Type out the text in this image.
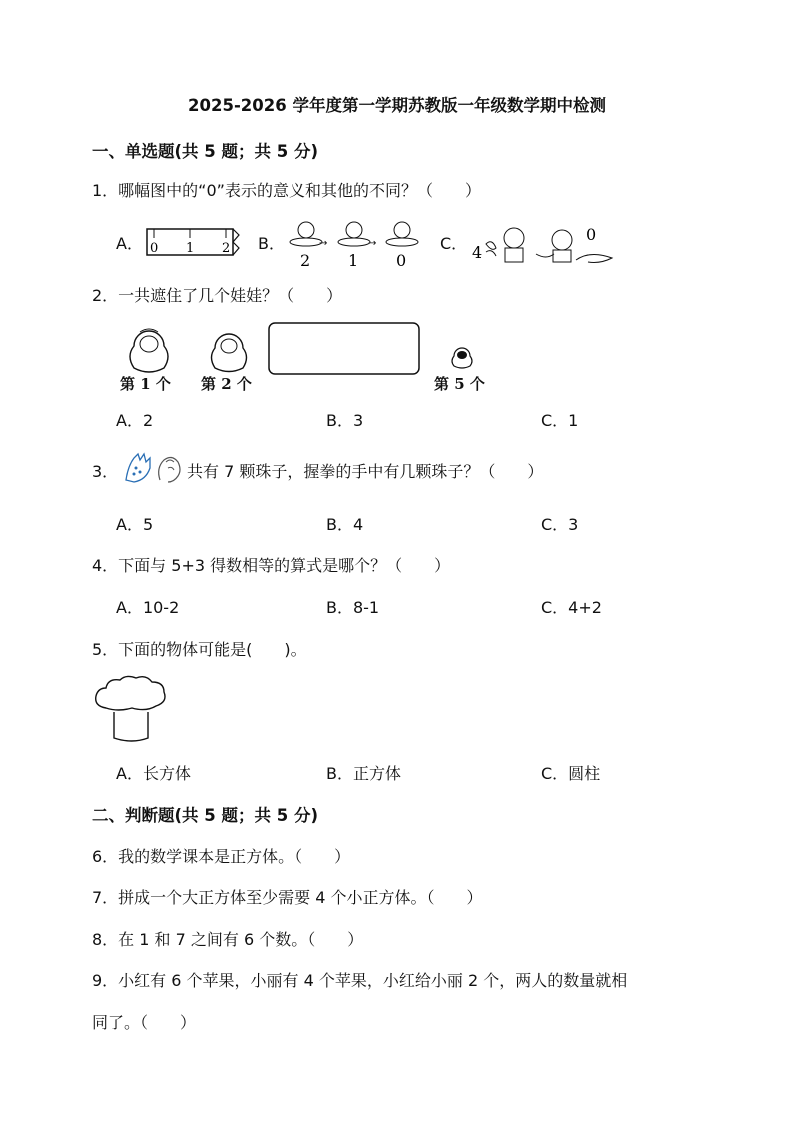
2025-2026 学年度第一学期苏教版一年级数学期中检测
一、单选题(共 5 题；共 5 分)
1．哪幅图中的“0”表示的意义和其他的不同？（　　）
A． 0 1 2 B．	→	→
2 1 0
C． 4
0
2．一共遮住了几个娃娃？（　　）
第 1 个 第 2 个	第 5 个
A．2	B．3	C．1
3．	共有 7 颗珠子，握拳的手中有几颗珠子？（　　）
A．5	B．4	C．3
4．下面与 5+3 得数相等的算式是哪个？（　　）
A．10-2	B．8-1	C．4+2
5．下面的物体可能是(　　)。
A．长方体	B．正方体	C．圆柱
二、判断题(共 5 题；共 5 分)
6．我的数学课本是正方体。（　　）
7．拼成一个大正方体至少需要 4 个小正方体。（　　）
8．在 1 和 7 之间有 6 个数。（　　）
9．小红有 6 个苹果，小丽有 4 个苹果，小红给小丽 2 个，两人的数量就相
同了。（　　）
